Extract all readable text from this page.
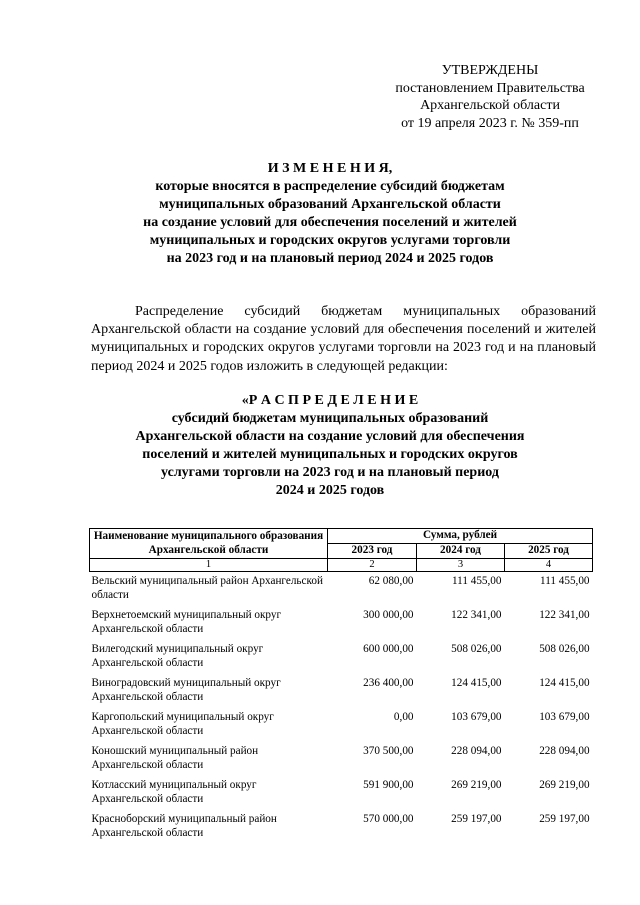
УТВЕРЖДЕНЫ
постановлением Правительства
Архангельской области
от 19 апреля 2023 г. № 359-пп
И З М Е Н Е Н И Я,
которые вносятся в распределение субсидий бюджетам
муниципальных образований Архангельской области
на создание условий для обеспечения поселений и жителей
муниципальных и городских округов услугами торговли
на 2023 год и на плановый период 2024 и 2025 годов
Распределение субсидий бюджетам муниципальных образований Архангельской области на создание условий для обеспечения поселений и жителей муниципальных и городских округов услугами торговли на 2023 год и на плановый период 2024 и 2025 годов изложить в следующей редакции:
«Р А С П Р Е Д Е Л Е Н И Е
субсидий бюджетам муниципальных образований
Архангельской области на создание условий для обеспечения
поселений и жителей муниципальных и городских округов
услугами торговли на 2023 год и на плановый период
2024 и 2025 годов
Наименование муниципального образования Архангельской области	Сумма, рублей		
	2023 год	2024 год	2025 год
1	2	3	4
Вельский муниципальный район Архангельской области	62 080,00	111 455,00	111 455,00
Верхнетоемский муниципальный округ Архангельской области	300 000,00	122 341,00	122 341,00
Вилегодский муниципальный округ Архангельской области	600 000,00	508 026,00	508 026,00
Виноградовский муниципальный округ Архангельской области	236 400,00	124 415,00	124 415,00
Каргопольский муниципальный округ Архангельской области	0,00	103 679,00	103 679,00
Коношский муниципальный район Архангельской области	370 500,00	228 094,00	228 094,00
Котласский муниципальный округ Архангельской области	591 900,00	269 219,00	269 219,00
Красноборский муниципальный район Архангельской области	570 000,00	259 197,00	259 197,00
